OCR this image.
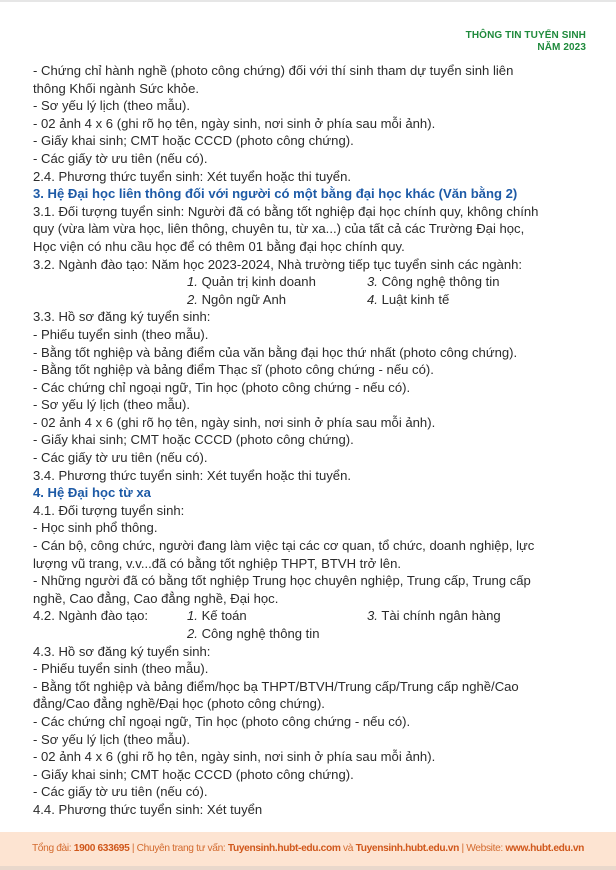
THÔNG TIN TUYỂN SINH
NĂM 2023
- Chứng chỉ hành nghề (photo công chứng) đối với thí sinh tham dự tuyển sinh liên
thông Khối ngành Sức khỏe.
- Sơ yếu lý lịch (theo mẫu).
- 02 ảnh 4 x 6 (ghi rõ họ tên, ngày sinh, nơi sinh ở phía sau mỗi ảnh).
- Giấy khai sinh; CMT hoặc CCCD (photo công chứng).
- Các giấy tờ ưu tiên (nếu có).
2.4. Phương thức tuyển sinh: Xét tuyển hoặc thi tuyển.
3. Hệ Đại học liên thông đối với người có một bằng đại học khác (Văn bằng 2)
3.1. Đối tượng tuyển sinh: Người đã có bằng tốt nghiệp đại học chính quy, không chính
quy (vừa làm vừa học, liên thông, chuyên tu, từ xa...) của tất cả các Trường Đại học,
Học viện có nhu cầu học để có thêm 01 bằng đại học chính quy.
3.2. Ngành đào tạo: Năm học 2023-2024, Nhà trường tiếp tục tuyển sinh các ngành:
1. Quản trị kinh doanh	3. Công nghệ thông tin
2. Ngôn ngữ Anh	4. Luật kinh tế
3.3. Hồ sơ đăng ký tuyển sinh:
- Phiếu tuyển sinh (theo mẫu).
- Bằng tốt nghiệp và bảng điểm của văn bằng đại học thứ nhất (photo công chứng).
- Bằng tốt nghiệp và bảng điểm Thạc sĩ (photo công chứng - nếu có).
- Các chứng chỉ ngoại ngữ, Tin học (photo công chứng - nếu có).
- Sơ yếu lý lịch (theo mẫu).
- 02 ảnh 4 x 6 (ghi rõ họ tên, ngày sinh, nơi sinh ở phía sau mỗi ảnh).
- Giấy khai sinh; CMT hoặc CCCD (photo công chứng).
- Các giấy tờ ưu tiên (nếu có).
3.4. Phương thức tuyển sinh: Xét tuyển hoặc thi tuyển.
4. Hệ Đại học từ xa
4.1. Đối tượng tuyển sinh:
- Học sinh phổ thông.
- Cán bộ, công chức, người đang làm việc tại các cơ quan, tổ chức, doanh nghiệp, lực
lượng vũ trang, v.v...đã có bằng tốt nghiệp THPT, BTVH trở lên.
- Những người đã có bằng tốt nghiệp Trung học chuyên nghiệp, Trung cấp, Trung cấp
nghề, Cao đẳng, Cao đẳng nghề, Đại học.
4.2. Ngành đào tạo:	1. Kế toán	3. Tài chính ngân hàng
2. Công nghệ thông tin
4.3. Hồ sơ đăng ký tuyển sinh:
- Phiếu tuyển sinh (theo mẫu).
- Bằng tốt nghiệp và bảng điểm/học bạ THPT/BTVH/Trung cấp/Trung cấp nghề/Cao
đẳng/Cao đẳng nghề/Đại học (photo công chứng).
- Các chứng chỉ ngoại ngữ, Tin học (photo công chứng - nếu có).
- Sơ yếu lý lịch (theo mẫu).
- 02 ảnh 4 x 6 (ghi rõ họ tên, ngày sinh, nơi sinh ở phía sau mỗi ảnh).
- Giấy khai sinh; CMT hoặc CCCD (photo công chứng).
- Các giấy tờ ưu tiên (nếu có).
4.4. Phương thức tuyển sinh: Xét tuyển
Tổng đài: 1900 633695 | Chuyên trang tư vấn: Tuyensinh.hubt-edu.com và Tuyensinh.hubt.edu.vn | Website: www.hubt.edu.vn
